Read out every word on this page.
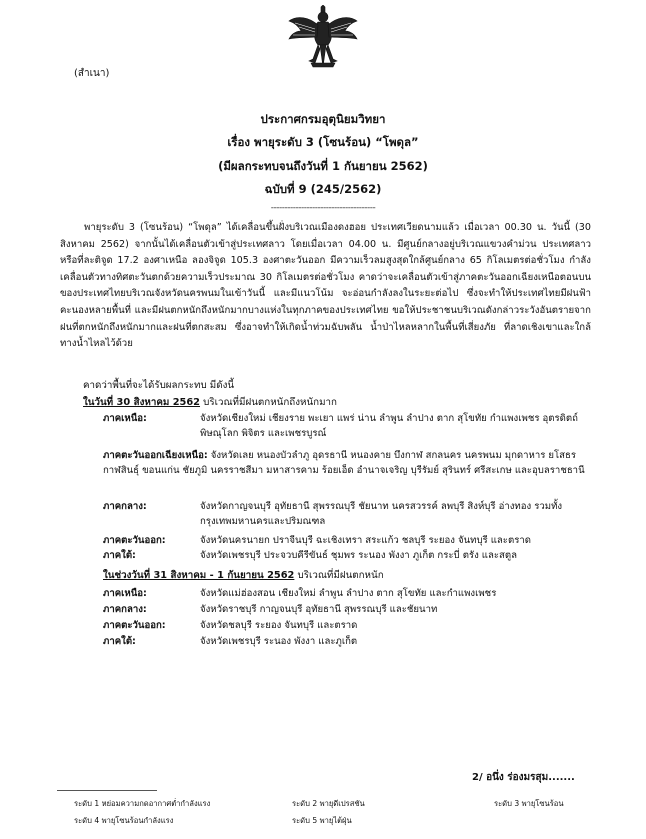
(สำเนา)
ประกาศกรมอุตุนิยมวิทยา
เรื่อง พายุระดับ 3 (โซนร้อน) “โพดุล”
(มีผลกระทบจนถึงวันที่ 1 กันยายน 2562)
ฉบับที่ 9 (245/2562)
--------------------------------------

พายุระดับ 3 (โซนร้อน) “โพดุล” ได้เคลื่อนขึ้นฝั่งบริเวณเมืองดงฮอย ประเทศเวียดนามแล้ว เมื่อเวลา 00.30 น. วันนี้ (30 สิงหาคม 2562) จากนั้นได้เคลื่อนตัวเข้าสู่ประเทศลาว โดยเมื่อเวลา 04.00 น. มีศูนย์กลางอยู่บริเวณแขวงคำม่วน ประเทศลาว หรือที่ละติจูด 17.2 องศาเหนือ ลองจิจูด 105.3 องศาตะวันออก มีความเร็วลมสูงสุดใกล้ศูนย์กลาง 65 กิโลเมตรต่อชั่วโมง กำลังเคลื่อนตัวทางทิศตะวันตกด้วยความเร็วประมาณ 30 กิโลเมตรต่อชั่วโมง คาดว่าจะเคลื่อนตัวเข้าสู่ภาคตะวันออกเฉียงเหนือตอนบนของประเทศไทยบริเวณจังหวัดนครพนมในเข้าวันนี้ และมีแนวโน้ม จะอ่อนกำลังลงในระยะต่อไป ซึ่งจะทำให้ประเทศไทยมีฝนฟ้าคะนองหลายพื้นที่ และมีฝนตกหนักถึงหนักมากบางแห่งในทุกภาคของประเทศไทย ขอให้ประชาชนบริเวณดังกล่าวระวังอันตรายจากฝนที่ตกหนักถึงหนักมากและฝนที่ตกสะสม ซึ่งอาจทำให้เกิดน้ำท่วมฉับพลัน น้ำป่าไหลหลากในพื้นที่เสี่ยงภัย ที่ลาดเชิงเขาและใกล้ทางน้ำไหลไว้ด้วย

คาดว่าพื้นที่จะได้รับผลกระทบ มีดังนี้
ในวันที่ 30 สิงหาคม 2562 บริเวณที่มีฝนตกหนักถึงหนักมาก
ภาคเหนือ:	จังหวัดเชียงใหม่ เชียงราย พะเยา แพร่ น่าน ลำพูน ลำปาง ตาก สุโขทัย กำแพงเพชร อุตรดิตถ์ พิษณุโลก พิจิตร และเพชรบูรณ์
ภาคตะวันออกเฉียงเหนือ: จังหวัดเลย หนองบัวลำภู อุดรธานี หนองคาย บึงกาฬ สกลนคร นครพนม มุกดาหาร ยโสธร กาฬสินธุ์ ขอนแก่น ชัยภูมิ นครราชสีมา มหาสารคาม ร้อยเอ็ด อำนาจเจริญ บุรีรัมย์ สุรินทร์ ศรีสะเกษ และอุบลราชธานี
ภาคกลาง:	จังหวัดกาญจนบุรี อุทัยธานี สุพรรณบุรี ชัยนาท นครสวรรค์ ลพบุรี สิงห์บุรี อ่างทอง รวมทั้งกรุงเทพมหานครและปริมณฑล
ภาคตะวันออก:	จังหวัดนครนายก ปราจีนบุรี ฉะเชิงเทรา สระแก้ว ชลบุรี ระยอง จันทบุรี และตราด
ภาคใต้:	จังหวัดเพชรบุรี ประจวบคีรีขันธ์ ชุมพร ระนอง พังงา ภูเก็ต กระบี่ ตรัง และสตูล
ในช่วงวันที่ 31 สิงหาคม - 1 กันยายน 2562 บริเวณที่มีฝนตกหนัก
ภาคเหนือ:	จังหวัดแม่ฮ่องสอน เชียงใหม่ ลำพูน ลำปาง ตาก สุโขทัย และกำแพงเพชร
ภาคกลาง:	จังหวัดราชบุรี กาญจนบุรี อุทัยธานี สุพรรณบุรี และชัยนาท
ภาคตะวันออก:	จังหวัดชลบุรี ระยอง จันทบุรี และตราด
ภาคใต้:	จังหวัดเพชรบุรี ระนอง พังงา และภูเก็ต
2/ อนึ่ง ร่องมรสุม.......
ระดับ 1 หย่อมความกดอากาศต่ำกำลังแรง	ระดับ 2 พายุดีเปรสชัน	ระดับ 3 พายุโซนร้อน
ระดับ 4 พายุโซนร้อนกำลังแรง	ระดับ 5 พายุไต้ฝุ่น
